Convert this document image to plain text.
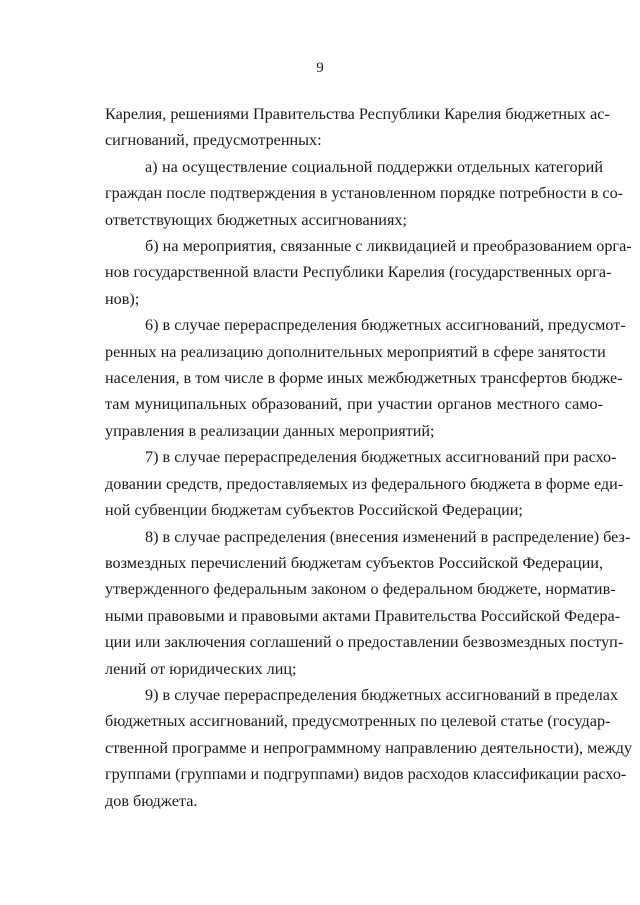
9
Карелия, решениями Правительства Республики Карелия бюджетных ас-
сигнований, предусмотренных:
а) на осуществление социальной поддержки отдельных категорий
граждан после подтверждения в установленном порядке потребности в со-
ответствующих бюджетных ассигнованиях;
б) на мероприятия, связанные с ликвидацией и преобразованием орга-
нов государственной власти Республики Карелия (государственных орга-
нов);
6) в случае перераспределения бюджетных ассигнований, предусмот-
ренных на реализацию дополнительных мероприятий в сфере занятости
населения, в том числе в форме иных межбюджетных трансфертов бюдже-
там муниципальных образований, при участии органов местного само-
управления в реализации данных мероприятий;
7) в случае перераспределения бюджетных ассигнований при расхо-
довании средств, предоставляемых из федерального бюджета в форме еди-
ной субвенции бюджетам субъектов Российской Федерации;
8) в случае распределения (внесения изменений в распределение) без-
возмездных перечислений бюджетам субъектов Российской Федерации,
утвержденного федеральным законом о федеральном бюджете, норматив-
ными правовыми и правовыми актами Правительства Российской Федера-
ции или заключения соглашений о предоставлении безвозмездных поступ-
лений от юридических лиц;
9) в случае перераспределения бюджетных ассигнований в пределах
бюджетных ассигнований, предусмотренных по целевой статье (государ-
ственной программе и непрограммному направлению деятельности), между
группами (группами и подгруппами) видов расходов классификации расхо-
дов бюджета.
